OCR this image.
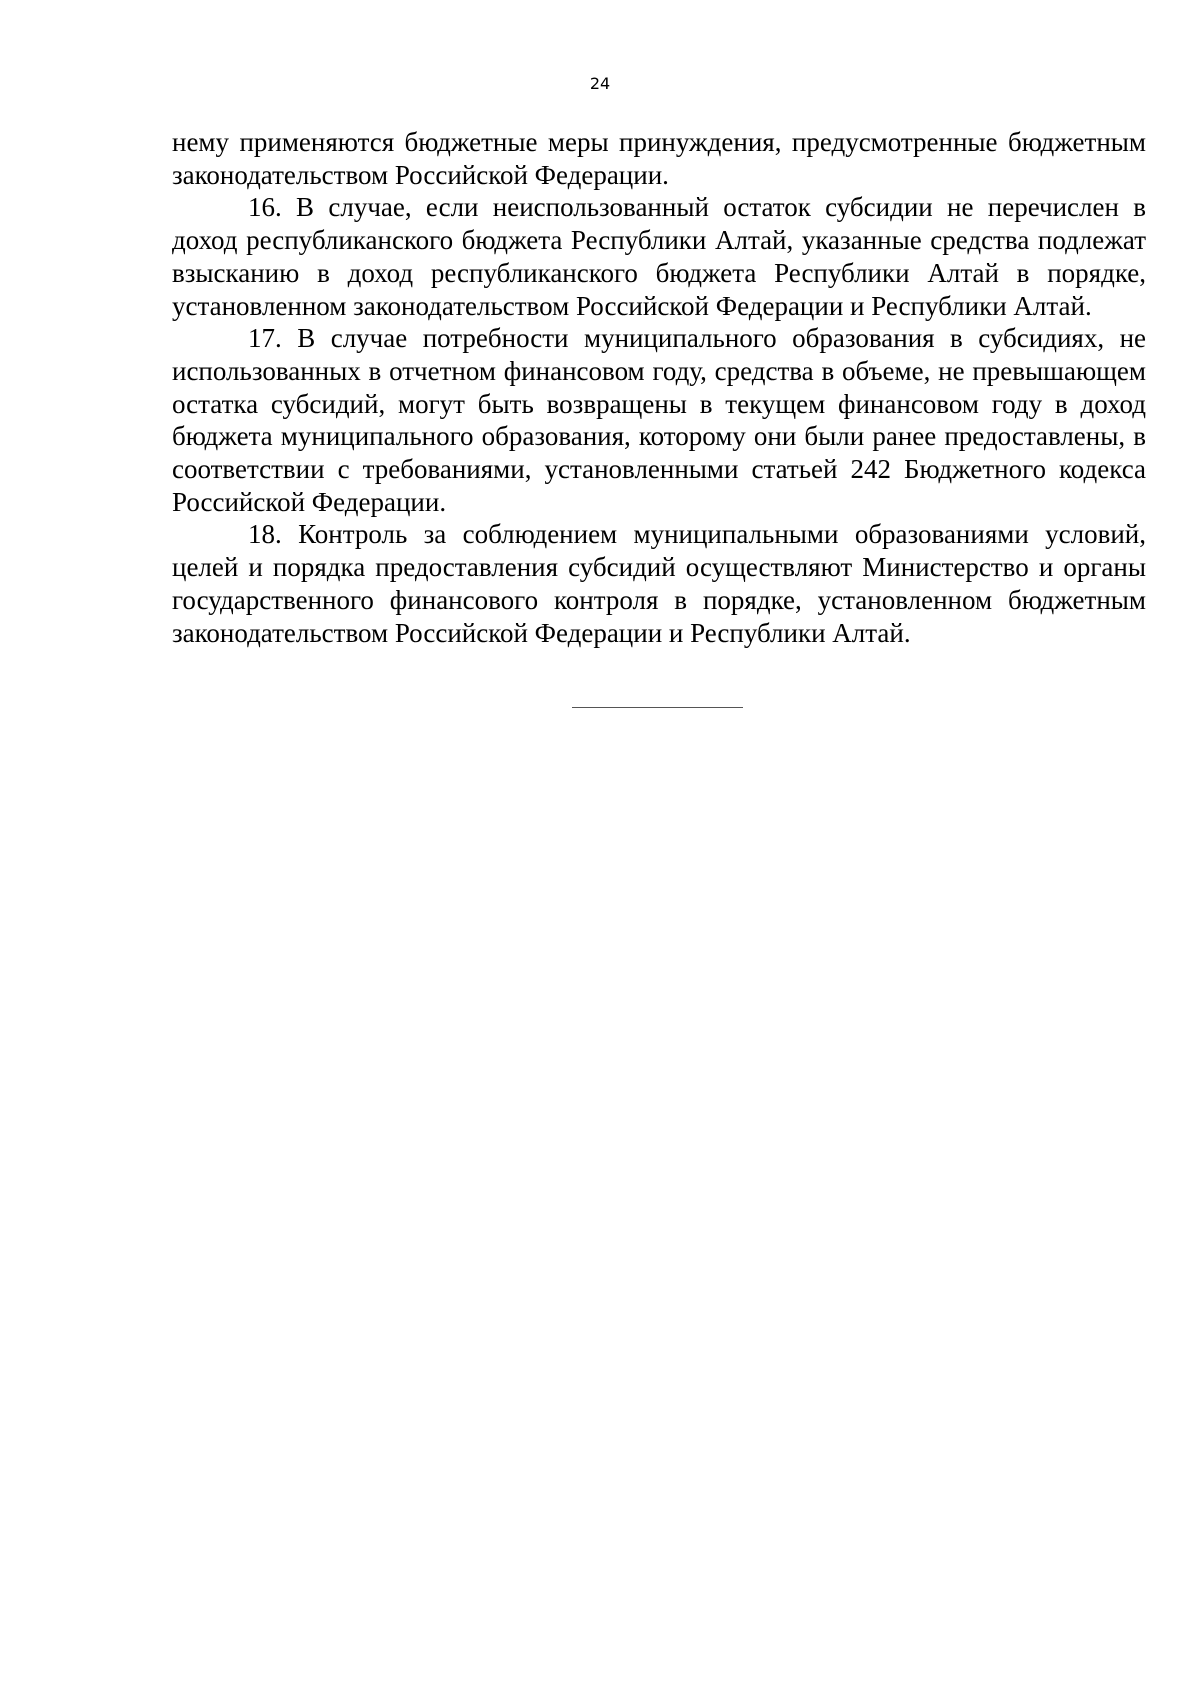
24

нему применяются бюджетные меры принуждения, предусмотренные бюджетным законодательством Российской Федерации.

16. В случае, если неиспользованный остаток субсидии не перечислен в доход республиканского бюджета Республики Алтай, указанные средства подлежат взысканию в доход республиканского бюджета Республики Алтай в порядке, установленном законодательством Российской Федерации и Республики Алтай.

17. В случае потребности муниципального образования в субсидиях, не использованных в отчетном финансовом году, средства в объеме, не превышающем остатка субсидий, могут быть возвращены в текущем финансовом году в доход бюджета муниципального образования, которому они были ранее предоставлены, в соответствии с требованиями, установленными статьей 242 Бюджетного кодекса Российской Федерации.

18. Контроль за соблюдением муниципальными образованиями условий, целей и порядка предоставления субсидий осуществляют Министерство и органы государственного финансового контроля в порядке, установленном бюджетным законодательством Российской Федерации и Республики Алтай.
